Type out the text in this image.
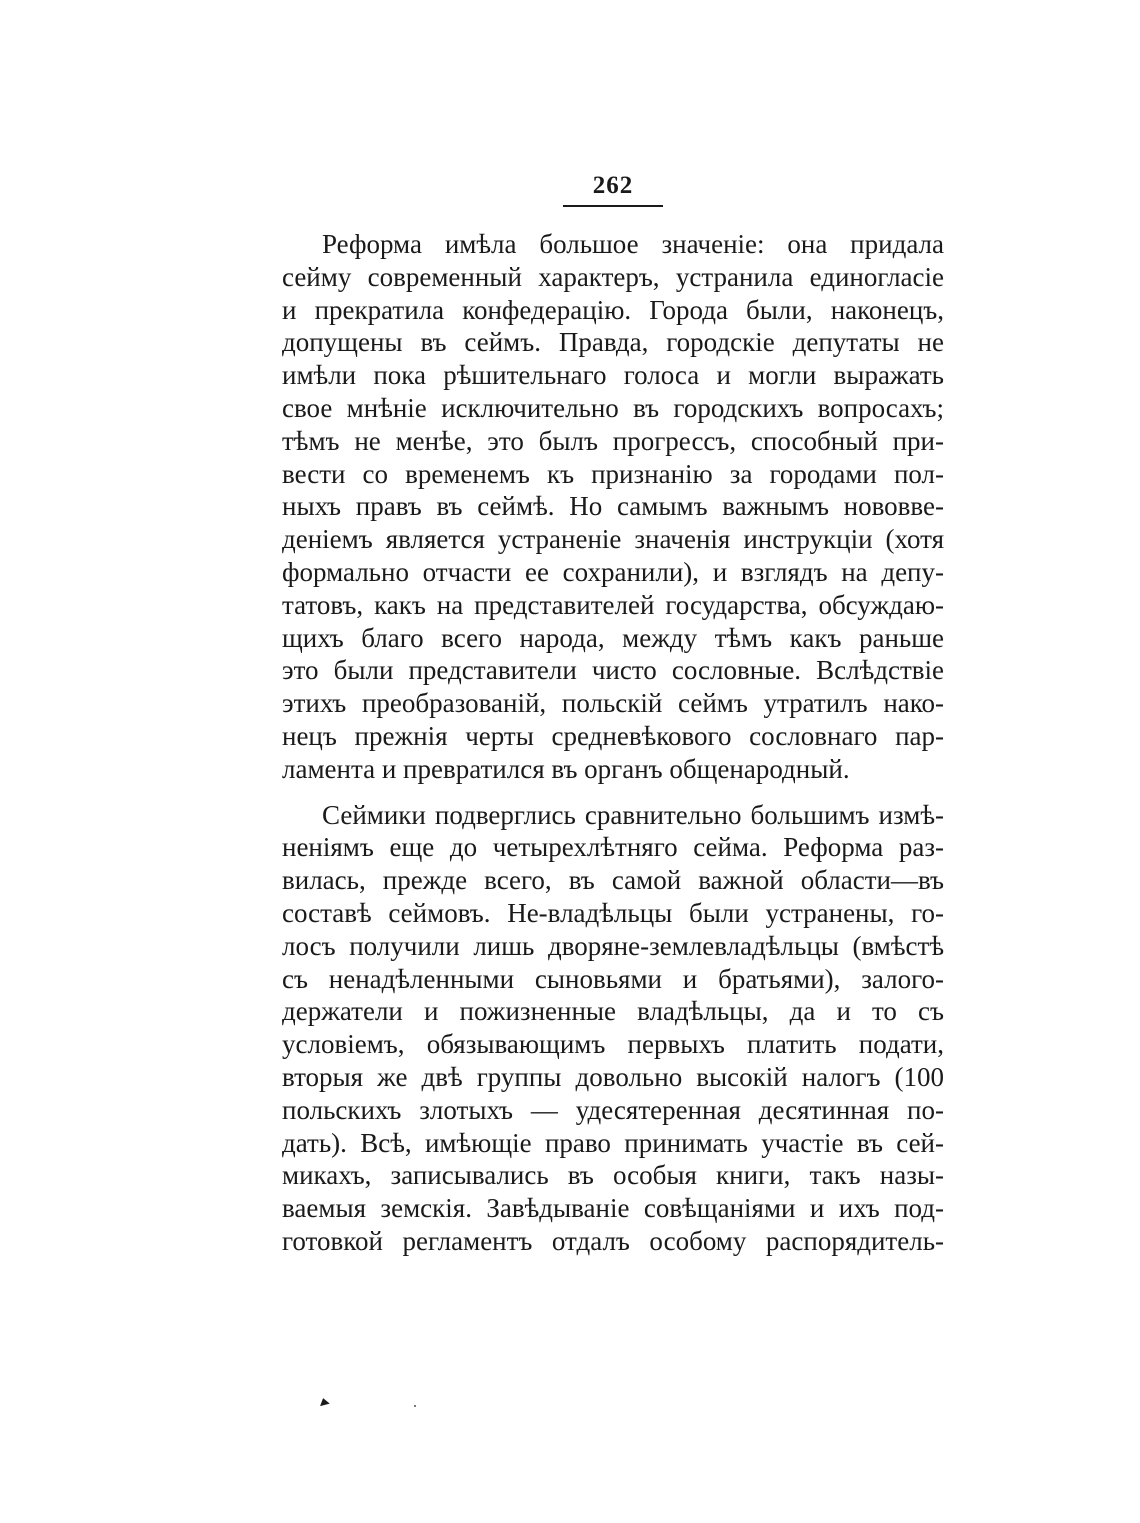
262
Реформа имѣла большое значеніе: она придала
сейму современный характеръ, устранила единогласіе
и прекратила конфедерацію. Города были, наконецъ,
допущены въ сеймъ. Правда, городскіе депутаты не
имѣли пока рѣшительнаго голоса и могли выражать
свое мнѣніе исключительно въ городскихъ вопросахъ;
тѣмъ не менѣе, это былъ прогрессъ, способный при-
вести со временемъ къ признанію за городами пол-
ныхъ правъ въ сеймѣ. Но самымъ важнымъ нововве-
деніемъ является устраненіе значенія инструкціи (хотя
формально отчасти ее сохранили), и взглядъ на депу-
татовъ, какъ на представителей государства, обсуждаю-
щихъ благо всего народа, между тѣмъ какъ раньше
это были представители чисто сословные. Вслѣдствіе
этихъ преобразованій, польскій сеймъ утратилъ нако-
нецъ прежнія черты средневѣкового сословнаго пар-
ламента и превратился въ органъ общенародный.
Сеймики подверглись сравнительно большимъ измѣ-
неніямъ еще до четырехлѣтняго сейма. Реформа раз-
вилась, прежде всего, въ самой важной области—въ
составѣ сеймовъ. Не-владѣльцы были устранены, го-
лосъ получили лишь дворяне-землевладѣльцы (вмѣстѣ
съ ненадѣленными сыновьями и братьями), залого-
держатели и пожизненные владѣльцы, да и то съ
условіемъ, обязывающимъ первыхъ платить подати,
вторыя же двѣ группы довольно высокій налогъ (100
польскихъ злотыхъ — удесятеренная десятинная по-
дать). Всѣ, имѣющіе право принимать участіе въ сей-
микахъ, записывались въ особыя книги, такъ назы-
ваемыя земскія. Завѣдываніе совѣщаніями и ихъ под-
готовкой регламентъ отдалъ особому распорядитель-
